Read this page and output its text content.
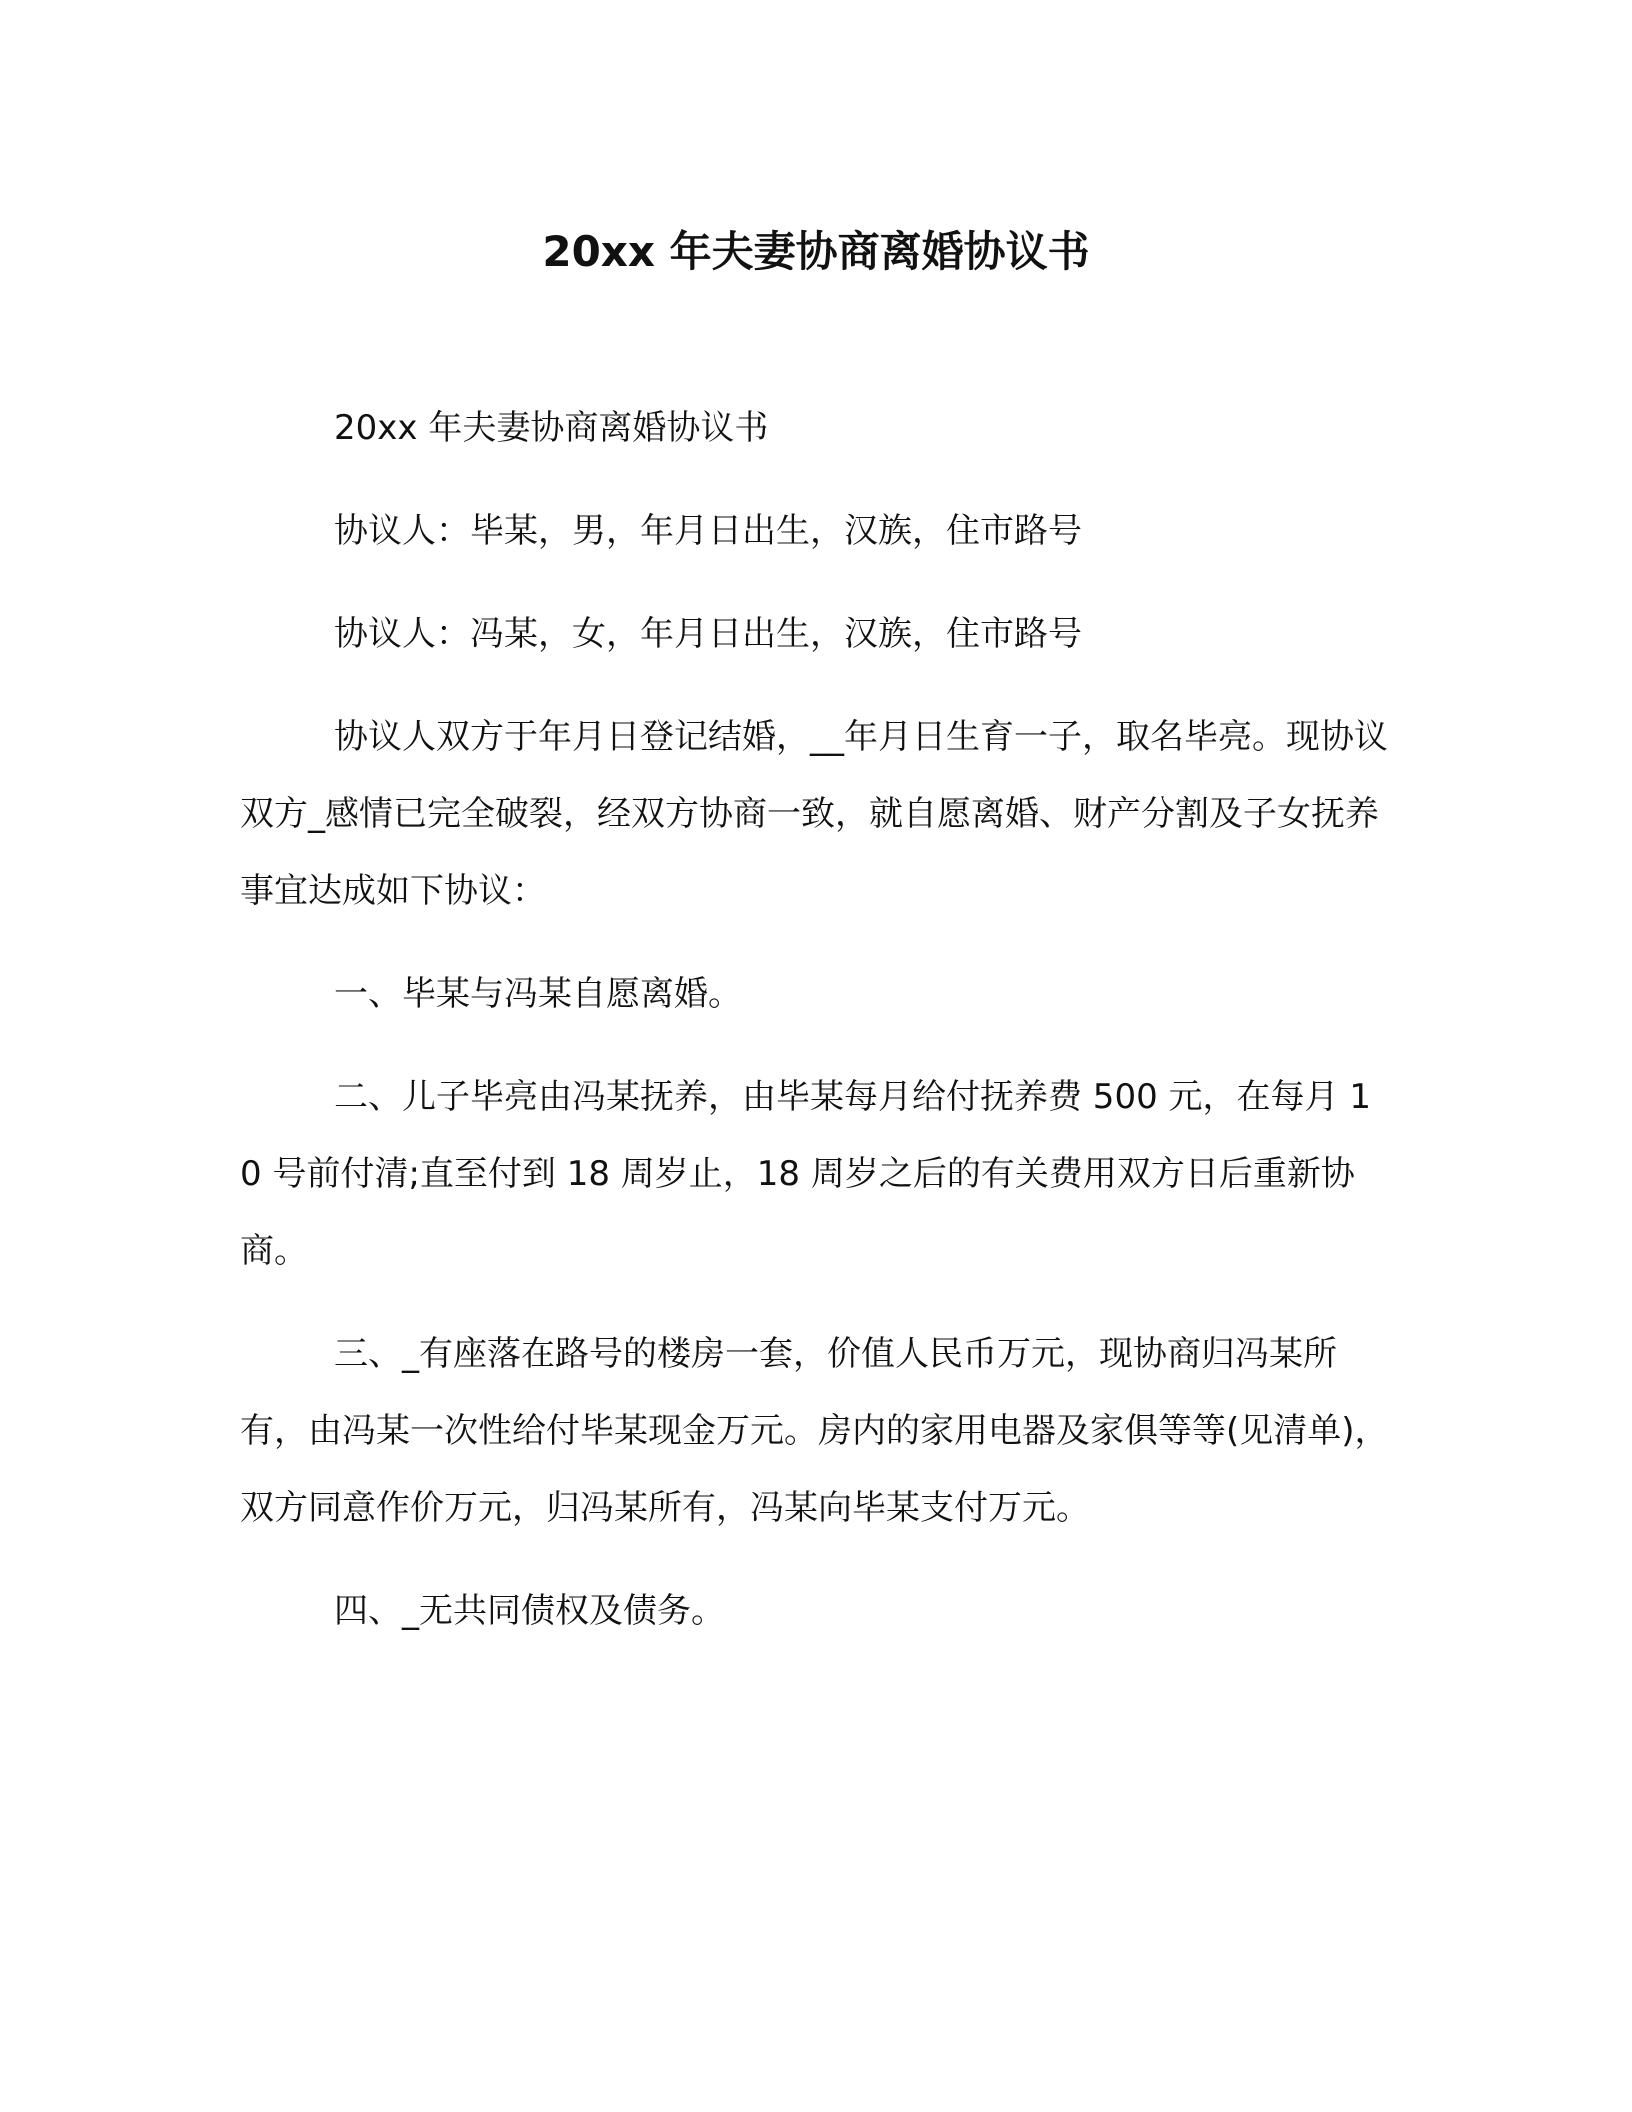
20xx 年夫妻协商离婚协议书

20xx 年夫妻协商离婚协议书

协议人：毕某，男，年月日出生，汉族，住市路号

协议人：冯某，女，年月日出生，汉族，住市路号

协议人双方于年月日登记结婚，__年月日生育一子，取名毕亮。现协议双方_感情已完全破裂，经双方协商一致，就自愿离婚、财产分割及子女抚养事宜达成如下协议：

一、毕某与冯某自愿离婚。

二、儿子毕亮由冯某抚养，由毕某每月给付抚养费 500 元，在每月 10 号前付清;直至付到 18 周岁止，18 周岁之后的有关费用双方日后重新协商。

三、_有座落在路号的楼房一套，价值人民币万元，现协商归冯某所有，由冯某一次性给付毕某现金万元。房内的家用电器及家俱等等(见清单)，双方同意作价万元，归冯某所有，冯某向毕某支付万元。

四、_无共同债权及债务。
